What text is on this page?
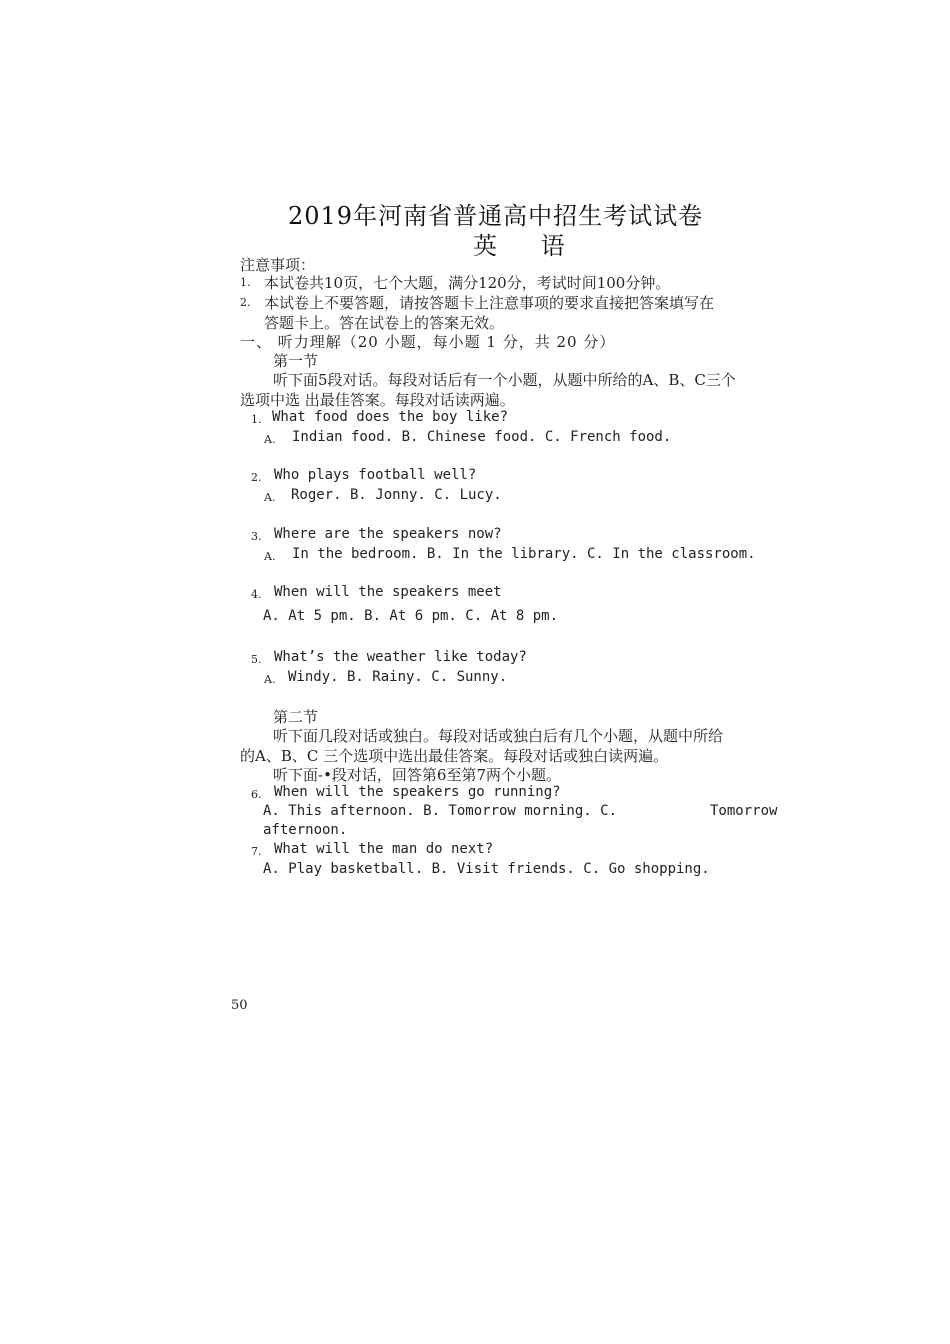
2019年河南省普通高中招生考试试卷
英 语
注意事项：
1. 本试卷共10页，七个大题，满分120分，考试时间100分钟。
2. 本试卷上不要答题，请按答题卡上注意事项的要求直接把答案填写在
答题卡上。答在试卷上的答案无效。
一、 听力理解（20 小题，每小题 1 分，共 20 分）
第一节
听下面5段对话。每段对话后有一个小题，从题中所给的A、B、C三个
选项中选 出最佳答案。每段对话读两遍。
1. What food does the boy like?
A. Indian food. B. Chinese food. C. French food.
2. Who plays football well?
A. Roger. B. Jonny. C. Lucy.
3. Where are the speakers now?
A. In the bedroom. B. In the library. C. In the classroom.
4. When will the speakers meet
A. At 5 pm. B. At 6 pm. C. At 8 pm.
5. What’s the weather like today?
A. Windy. B. Rainy. C. Sunny.
第二节
听下面几段对话或独白。每段对话或独白后有几个小题，从题中所给
的A、B、C 三个选项中选出最佳答案。每段对话或独白读两遍。
听下面-•段对话，回答第6至第7两个小题。
6. When will the speakers go running?
A. This afternoon. B. Tomorrow morning. C.	Tomorrow
afternoon.
7. What will the man do next?
A. Play basketball. B. Visit friends. C. Go shopping.
50
